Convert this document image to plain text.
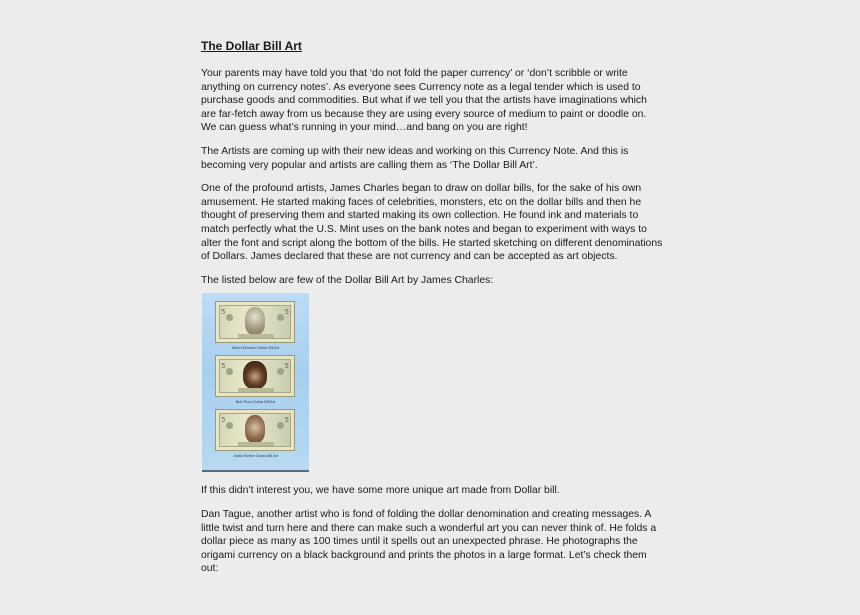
The Dollar Bill Art

Your parents may have told you that ‘do not fold the paper currency’ or ‘don’t scribble or write
anything on currency notes’. As everyone sees Currency note as a legal tender which is used to
purchase goods and commodities. But what if we tell you that the artists have imaginations which
are far-fetch away from us because they are using every source of medium to paint or doodle on.
We can guess what’s running in your mind…and bang on you are right!

The Artists are coming up with their new ideas and working on this Currency Note. And this is
becoming very popular and artists are calling them as ‘The Dollar Bill Art’.

One of the profound artists, James Charles began to draw on dollar bills, for the sake of his own
amusement. He started making faces of celebrities, monsters, etc on the dollar bills and then he
thought of preserving them and started making its own collection. He found ink and materials to
match perfectly what the U.S. Mint uses on the bank notes and began to experiment with ways to
alter the font and script along the bottom of the bills. He started sketching on different denominations
of Dollars. James declared that these are not currency and can be accepted as art objects.

The listed below are few of the Dollar Bill Art by James Charles:

5	5
Albert Einstein Dollar Bill Art
5	5
Bob Ross Dollar Bill Art
5	5
Justin Bieber Dollar Bill Art

If this didn’t interest you, we have some more unique art made from Dollar bill.

Dan Tague, another artist who is fond of folding the dollar denomination and creating messages. A
little twist and turn here and there can make such a wonderful art you can never think of. He folds a
dollar piece as many as 100 times until it spells out an unexpected phrase. He photographs the
origami currency on a black background and prints the photos in a large format. Let’s check them
out:
